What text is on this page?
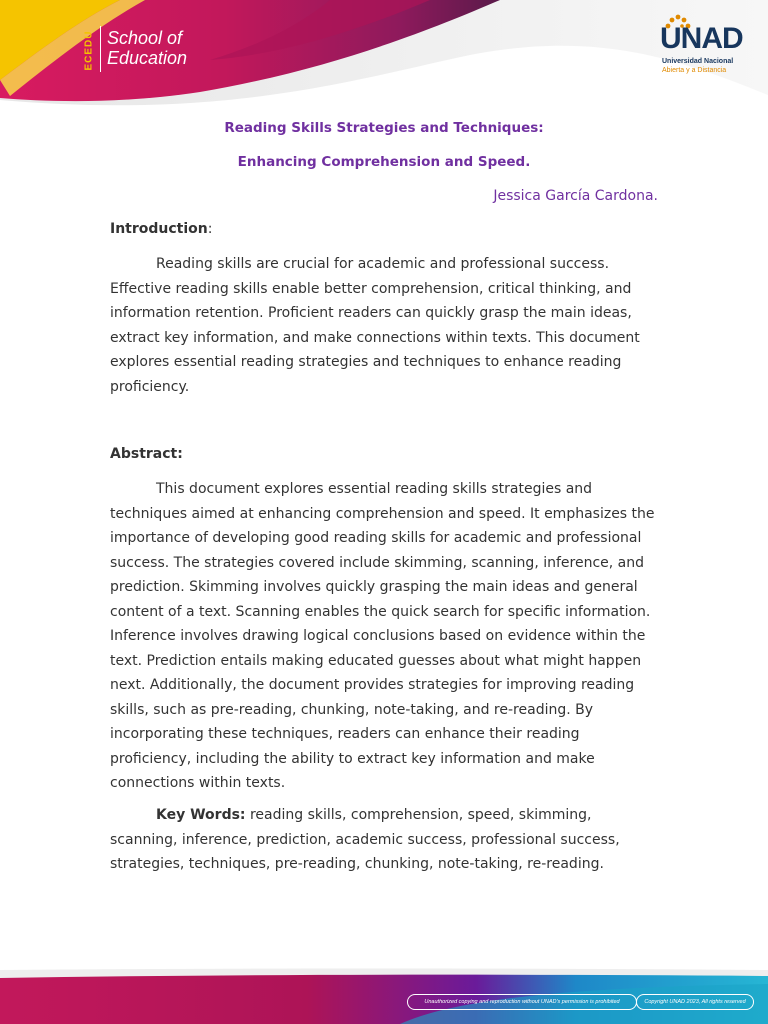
ECEDU School of
Education
UNAD
Universidad Nacional
Abierta y a Distancia
Reading Skills Strategies and Techniques:
Enhancing Comprehension and Speed.
Jessica García Cardona.
Introduction:
Reading skills are crucial for academic and professional success. Effective reading skills enable better comprehension, critical thinking, and information retention. Proficient readers can quickly grasp the main ideas, extract key information, and make connections within texts. This document explores essential reading strategies and techniques to enhance reading proficiency.
Abstract:
This document explores essential reading skills strategies and techniques aimed at enhancing comprehension and speed. It emphasizes the importance of developing good reading skills for academic and professional success. The strategies covered include skimming, scanning, inference, and prediction. Skimming involves quickly grasping the main ideas and general content of a text. Scanning enables the quick search for specific information. Inference involves drawing logical conclusions based on evidence within the text. Prediction entails making educated guesses about what might happen next. Additionally, the document provides strategies for improving reading skills, such as pre-reading, chunking, note-taking, and re-reading. By incorporating these techniques, readers can enhance their reading proficiency, including the ability to extract key information and make connections within texts.
Key Words: reading skills, comprehension, speed, skimming, scanning, inference, prediction, academic success, professional success, strategies, techniques, pre-reading, chunking, note-taking, re-reading.
Unauthorized copying and reproduction without UNAD's permission is prohibited	Copyright UNAD 2023, All rights reserved
